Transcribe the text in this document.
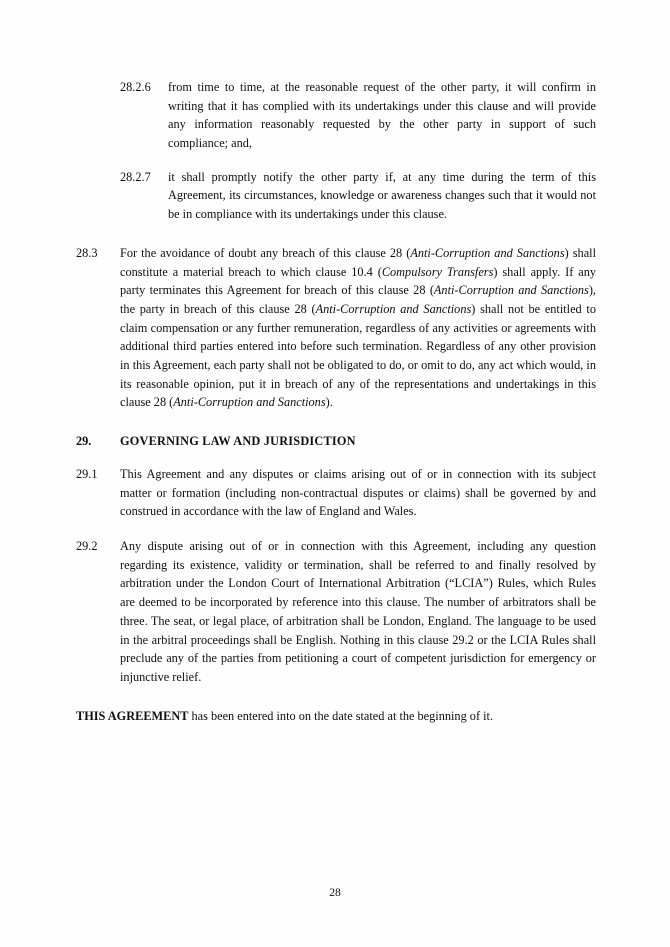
28.2.6	from time to time, at the reasonable request of the other party, it will confirm in writing that it has complied with its undertakings under this clause and will provide any information reasonably requested by the other party in support of such compliance; and,
28.2.7	it shall promptly notify the other party if, at any time during the term of this Agreement, its circumstances, knowledge or awareness changes such that it would not be in compliance with its undertakings under this clause.
28.3	For the avoidance of doubt any breach of this clause 28 (Anti-Corruption and Sanctions) shall constitute a material breach to which clause 10.4 (Compulsory Transfers) shall apply. If any party terminates this Agreement for breach of this clause 28 (Anti-Corruption and Sanctions), the party in breach of this clause 28 (Anti-Corruption and Sanctions) shall not be entitled to claim compensation or any further remuneration, regardless of any activities or agreements with additional third parties entered into before such termination. Regardless of any other provision in this Agreement, each party shall not be obligated to do, or omit to do, any act which would, in its reasonable opinion, put it in breach of any of the representations and undertakings in this clause 28 (Anti-Corruption and Sanctions).
29.	GOVERNING LAW AND JURISDICTION
29.1	This Agreement and any disputes or claims arising out of or in connection with its subject matter or formation (including non-contractual disputes or claims) shall be governed by and construed in accordance with the law of England and Wales.
29.2	Any dispute arising out of or in connection with this Agreement, including any question regarding its existence, validity or termination, shall be referred to and finally resolved by arbitration under the London Court of International Arbitration (“LCIA”) Rules, which Rules are deemed to be incorporated by reference into this clause. The number of arbitrators shall be three. The seat, or legal place, of arbitration shall be London, England. The language to be used in the arbitral proceedings shall be English. Nothing in this clause 29.2 or the LCIA Rules shall preclude any of the parties from petitioning a court of competent jurisdiction for emergency or injunctive relief.
THIS AGREEMENT has been entered into on the date stated at the beginning of it.
28
